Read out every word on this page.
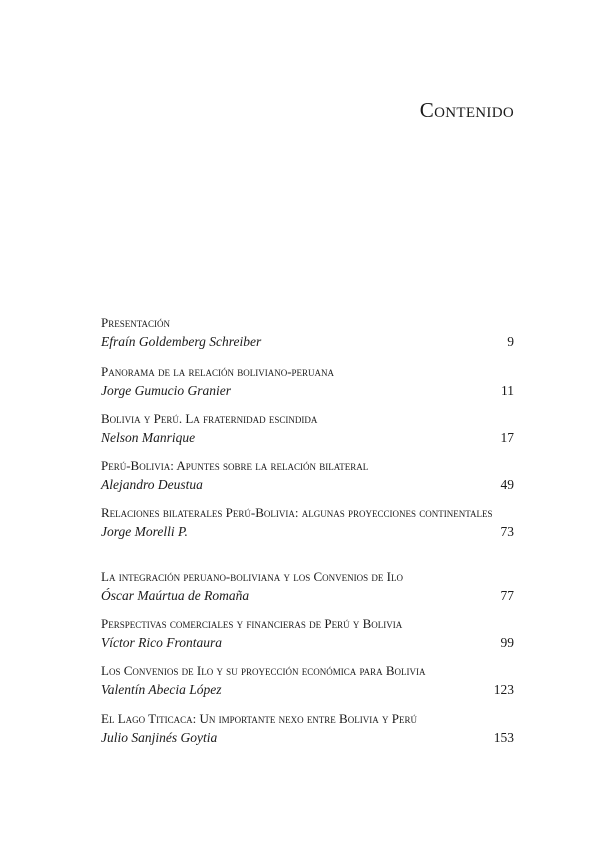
Contenido
Presentación
Efraín Goldemberg Schreiber	9
Panorama de la relación boliviano-peruana
Jorge Gumucio Granier	11
Bolivia y Perú. La fraternidad escindida
Nelson Manrique	17
Perú-Bolivia: Apuntes sobre la relación bilateral
Alejandro Deustua	49
Relaciones bilaterales Perú-Bolivia: algunas proyecciones continentales
Jorge Morelli P.	73
La integración peruano-boliviana y los Convenios de Ilo
Óscar Maúrtua de Romaña	77
Perspectivas comerciales y financieras de Perú y Bolivia
Víctor Rico Frontaura	99
Los Convenios de Ilo y su proyección económica para Bolivia
Valentín Abecia López	123
El Lago Titicaca: Un importante nexo entre Bolivia y Perú
Julio Sanjinés Goytia	153
